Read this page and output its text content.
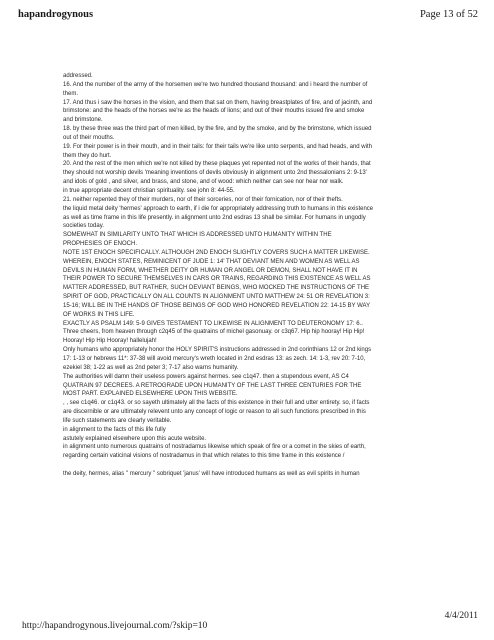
hapandrogynous	Page 13 of 52

addressed.

16. And the number of the army of the horsemen we're two hundred thousand thousand: and i heard the number of

them.

17. And thus i saw the horses in the vision, and them that sat on them, having breastplates of fire, and of jacinth, and

brimstone: and the heads of the horses we're as the heads of lions; and out of their mouths issued fire and smoke

and brimstone.

18. by these three was the third part of men killed, by the fire, and by the smoke, and by the brimstone, which issued

out of their mouths.

19. For their power is in their mouth, and in their tails: for their tails we're like unto serpents, and had heads, and with

them they do hurt.

20. And the rest of the men which we're not killed by these plaques yet repented not of the works of their hands, that

they should not worship devils 'meaning inventions of devils obviously in alignment unto 2nd thessalonians 2: 9-13'

and idols of gold , and silver, and brass, and stone, and of wood: which neither can see nor hear nor walk.

in true appropriate decent christian spirituality. see john 8: 44-55.

21. neither repented they of their murders, nor of their sorceries, nor of their fornication, nor of their thefts.

the liquid metal deity 'hermes' approach to earth, if i die for appropriately addressing truth to humans in this existence

as well as time frame in this life presently. in alignment unto 2nd esdras 13 shall be similar. For humans in ungodly

societies today.

SOMEWHAT IN SIMILARITY UNTO THAT WHICH IS ADDRESSED UNTO HUMANITY WITHIN THE

PROPHESIES OF ENOCH.

NOTE 1ST ENOCH SPECIFICALLY. ALTHOUGH 2ND ENOCH SLIGHTLY COVERS SUCH A MATTER LIKEWISE.

WHEREIN, ENOCH STATES, REMINICENT OF JUDE 1: 14' THAT DEVIANT MEN AND WOMEN AS WELL AS

DEVILS IN HUMAN FORM, WHETHER DEITY OR HUMAN OR ANGEL OR DEMON, SHALL NOT HAVE IT IN

THEIR POWER TO SECURE THEMSELVES IN CARS OR TRAINS, REGARDING THIS EXISTENCE AS WELL AS

MATTER ADDRESSED, BUT RATHER, SUCH DEVIANT BEINGS, WHO MOCKED THE INSTRUCTIONS OF THE

SPIRIT OF GOD, PRACTICALLY ON ALL COUNTS IN ALIGNMENT UNTO MATTHEW 24: 51 OR REVELATION 3:

15-16; WILL BE IN THE HANDS OF THOSE BEINGS OF GOD WHO HONORED REVELATION 22: 14-15 BY WAY

OF WORKS IN THIS LIFE.

EXACTLY AS PSALM 149: 5-9 GIVES TESTAMENT TO LIKEWISE IN ALIGNMENT TO DEUTERONOMY 17: 6..

Three cheers, from heaven through c2q45 of the quatrains of michel gasonuay. or c3q67. Hip hip hooray! Hip Hip!

Hooray! Hip Hip Hooray! hallelujah!

Only humans who appropriately honor the HOLY SPIRIT'S instructions addressed in 2nd corinthians 12 or 2nd kings

17: 1-13 or hebrews 11*: 37-38 will avoid mercury's wreth located in 2nd esdras 13: as zech. 14: 1-3, rev 20: 7-10,

ezekiel 38; 1-22 as well as 2nd peter 3; 7-17 also warns humanity.

The authorities will damn their useless powers against hermes. see c1q47. then a stupendous event, AS C4

QUATRAIN 97 DECREES. A RETROGRADE UPON HUMANITY OF THE LAST THREE CENTURIES FOR THE

MOST PART. EXPLAINED ELSEWHERE UPON THIS WEBSITE.

, , see c1q46. or c1q43. or so sayeth ultimately all the facts of this existence in their full and utter entirety. so, if facts

are discernible or are ultimately relevent unto any concept of logic or reason to all such functions prescribed in this

life such statements are clearly veritable.

in alignment to the facts of this life fully

astutely explained elsewhere upon this acute website.

in alignment unto numerous quatrains of nostradamus likewise which speak of fire or a comet in the skies of earth,

regarding certain vaticinal visions of nostradamus in that which relates to this time frame in this existence /

the deity, hermes, alias " mercury " sobriquet 'janus' will have introduced humans as well as evil spirits in human

http://hapandrogynous.livejournal.com/?skip=10
4/4/2011
